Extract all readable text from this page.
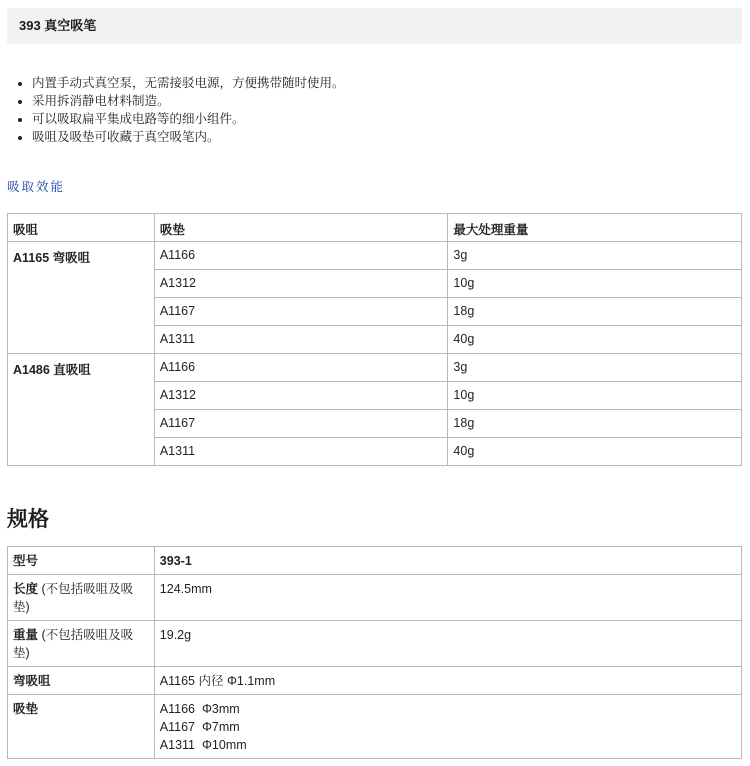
393 真空吸笔
• 内置手动式真空泵，无需接驳电源，方便携带随时使用。
• 采用拆消静电材料制造。
• 可以吸取扁平集成电路等的细小组件。
• 吸咀及吸垫可收藏于真空吸笔内。
吸取效能
吸咀	吸垫	最大处理重量
A1165 弯吸咀	A1166	3g
	A1312	10g
	A1167	18g
	A1311	40g
A1486 直吸咀	A1166	3g
	A1312	10g
	A1167	18g
	A1311	40g
规格
型号	393-1
长度 (不包括吸咀及吸垫)	124.5mm
重量 (不包括吸咀及吸垫)	19.2g
弯吸咀	A1165 内径 Φ1.1mm
吸垫	A1166  Φ3mm
A1167  Φ7mm
A1311  Φ10mm
